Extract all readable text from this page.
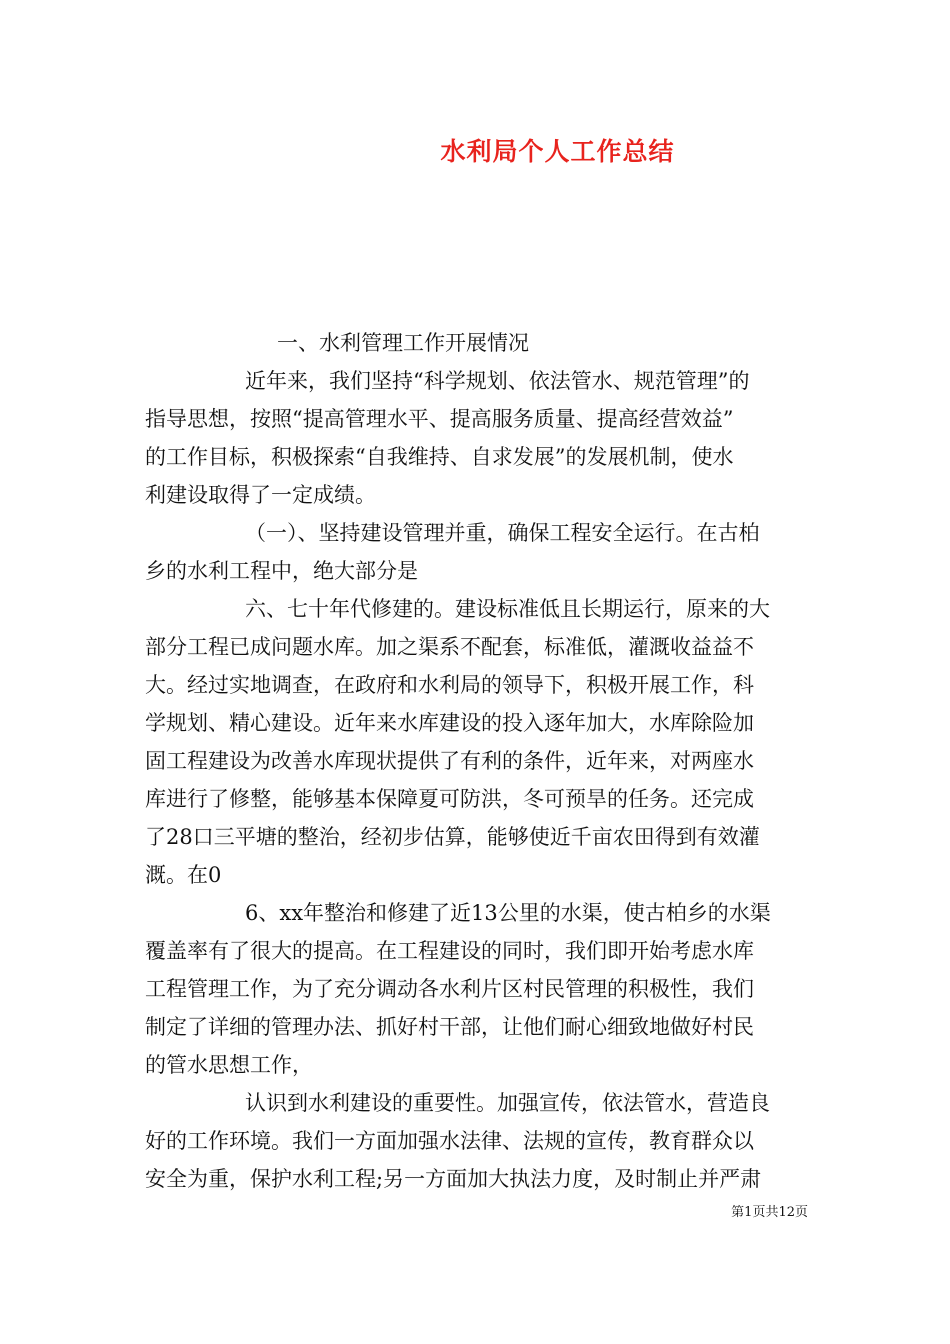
水利局个人工作总结

一、水利管理工作开展情况

近年来，我们坚持“科学规划、依法管水、规范管理”的

指导思想，按照“提高管理水平、提高服务质量、提高经营效益”

的工作目标，积极探索“自我维持、自求发展”的发展机制，使水

利建设取得了一定成绩。

（一）、坚持建设管理并重，确保工程安全运行。在古柏

乡的水利工程中，绝大部分是

六、七十年代修建的。建设标准低且长期运行，原来的大

部分工程已成问题水库。加之渠系不配套，标准低，灌溉收益益不

大。经过实地调查，在政府和水利局的领导下，积极开展工作，科

学规划、精心建设。近年来水库建设的投入逐年加大，水库除险加

固工程建设为改善水库现状提供了有利的条件，近年来，对两座水

库进行了修整，能够基本保障夏可防洪，冬可预旱的任务。还完成

了28口三平塘的整治，经初步估算，能够使近千亩农田得到有效灌

溉。在0

6、xx年整治和修建了近13公里的水渠，使古柏乡的水渠

覆盖率有了很大的提高。在工程建设的同时，我们即开始考虑水库

工程管理工作，为了充分调动各水利片区村民管理的积极性，我们

制定了详细的管理办法、抓好村干部，让他们耐心细致地做好村民

的管水思想工作，

认识到水利建设的重要性。加强宣传，依法管水，营造良

好的工作环境。我们一方面加强水法律、法规的宣传，教育群众以

安全为重，保护水利工程;另一方面加大执法力度，及时制止并严肃

第1页共12页
